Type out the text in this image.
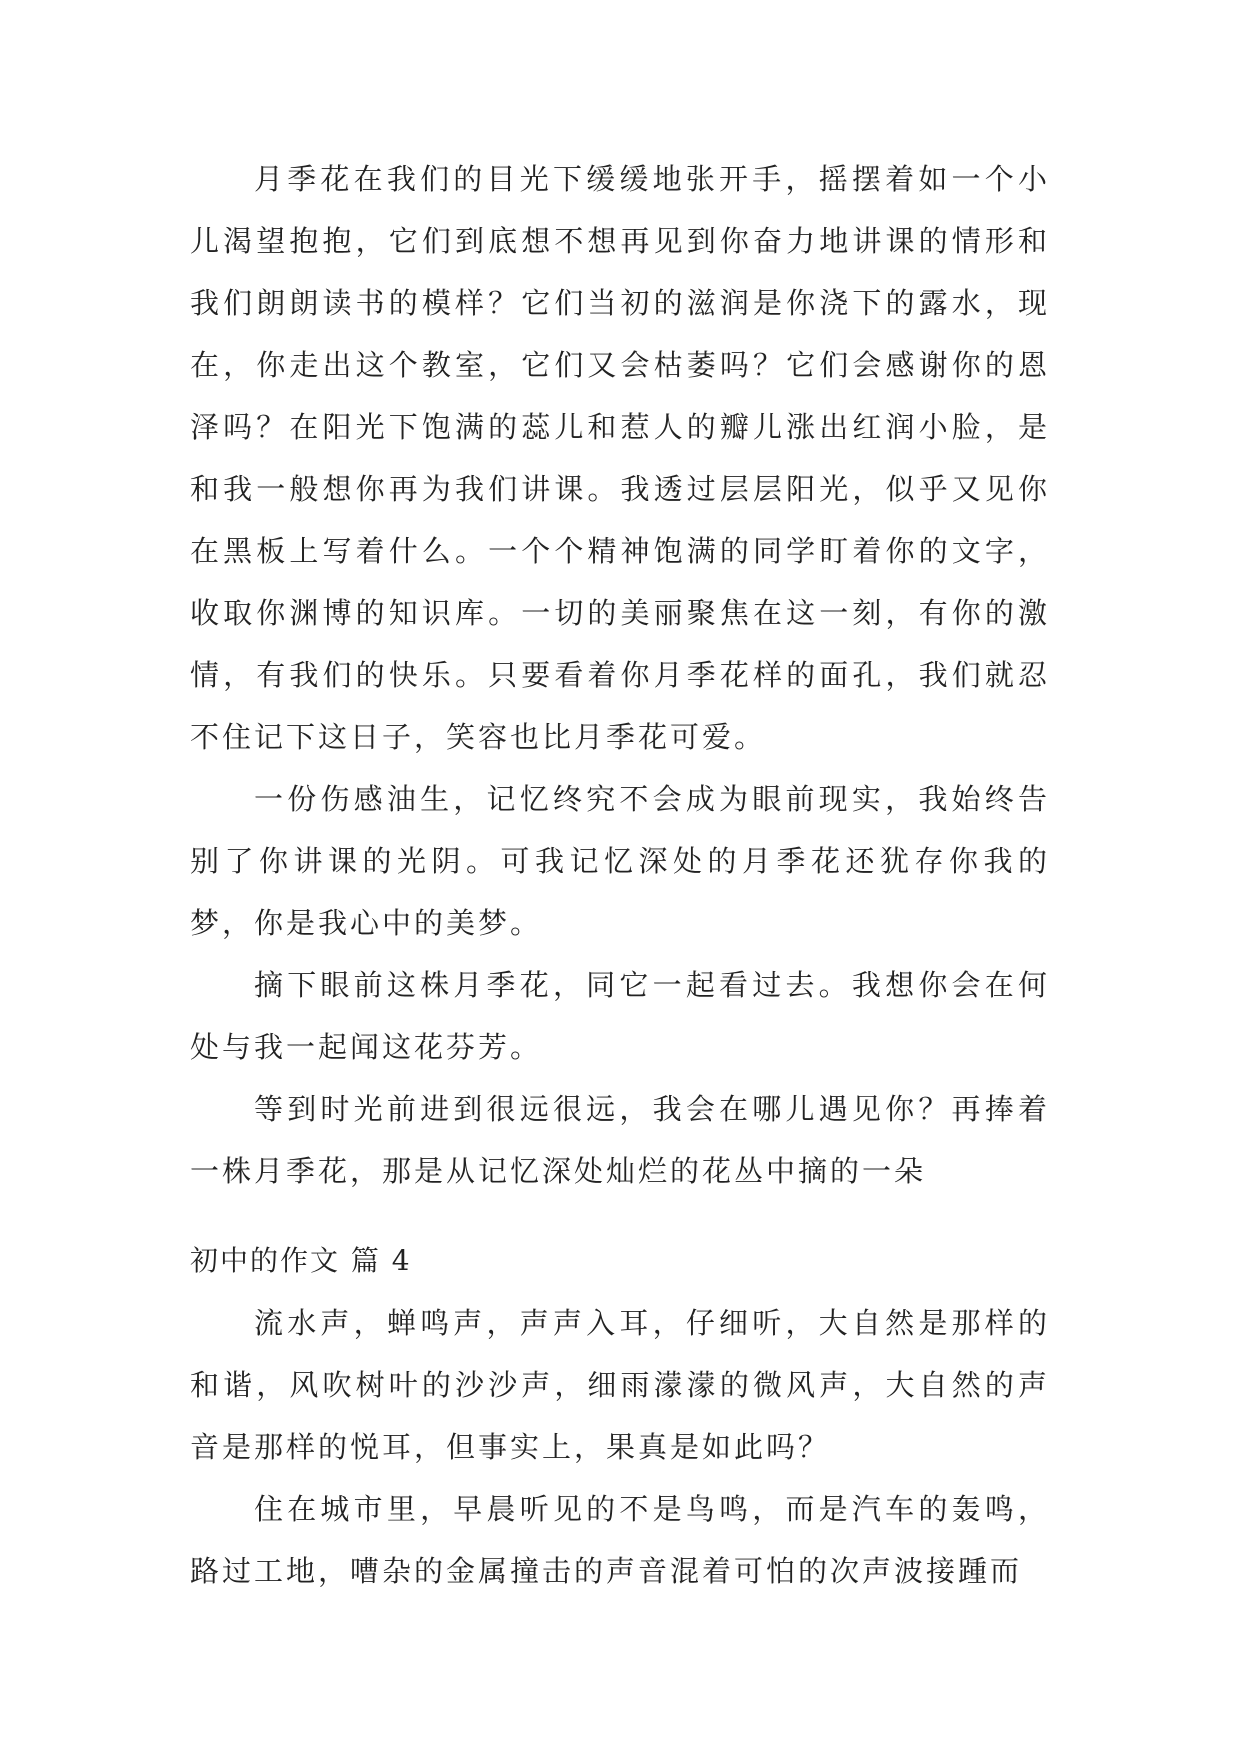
月季花在我们的目光下缓缓地张开手，摇摆着如一个小儿渴望抱抱，它们到底想不想再见到你奋力地讲课的情形和我们朗朗读书的模样？它们当初的滋润是你浇下的露水，现在，你走出这个教室，它们又会枯萎吗？它们会感谢你的恩泽吗？在阳光下饱满的蕊儿和惹人的瓣儿涨出红润小脸，是和我一般想你再为我们讲课。我透过层层阳光，似乎又见你在黑板上写着什么。一个个精神饱满的同学盯着你的文字，收取你渊博的知识库。一切的美丽聚焦在这一刻，有你的激情，有我们的快乐。只要看着你月季花样的面孔，我们就忍不住记下这日子，笑容也比月季花可爱。

一份伤感油生，记忆终究不会成为眼前现实，我始终告别了你讲课的光阴。可我记忆深处的月季花还犹存你我的梦，你是我心中的美梦。

摘下眼前这株月季花，同它一起看过去。我想你会在何处与我一起闻这花芬芳。

等到时光前进到很远很远，我会在哪儿遇见你？再捧着一株月季花，那是从记忆深处灿烂的花丛中摘的一朵

初中的作文 篇 4

流水声，蝉鸣声，声声入耳，仔细听，大自然是那样的和谐，风吹树叶的沙沙声，细雨濛濛的微风声，大自然的声音是那样的悦耳，但事实上，果真是如此吗？

住在城市里，早晨听见的不是鸟鸣，而是汽车的轰鸣，路过工地，嘈杂的金属撞击的声音混着可怕的次声波接踵而
